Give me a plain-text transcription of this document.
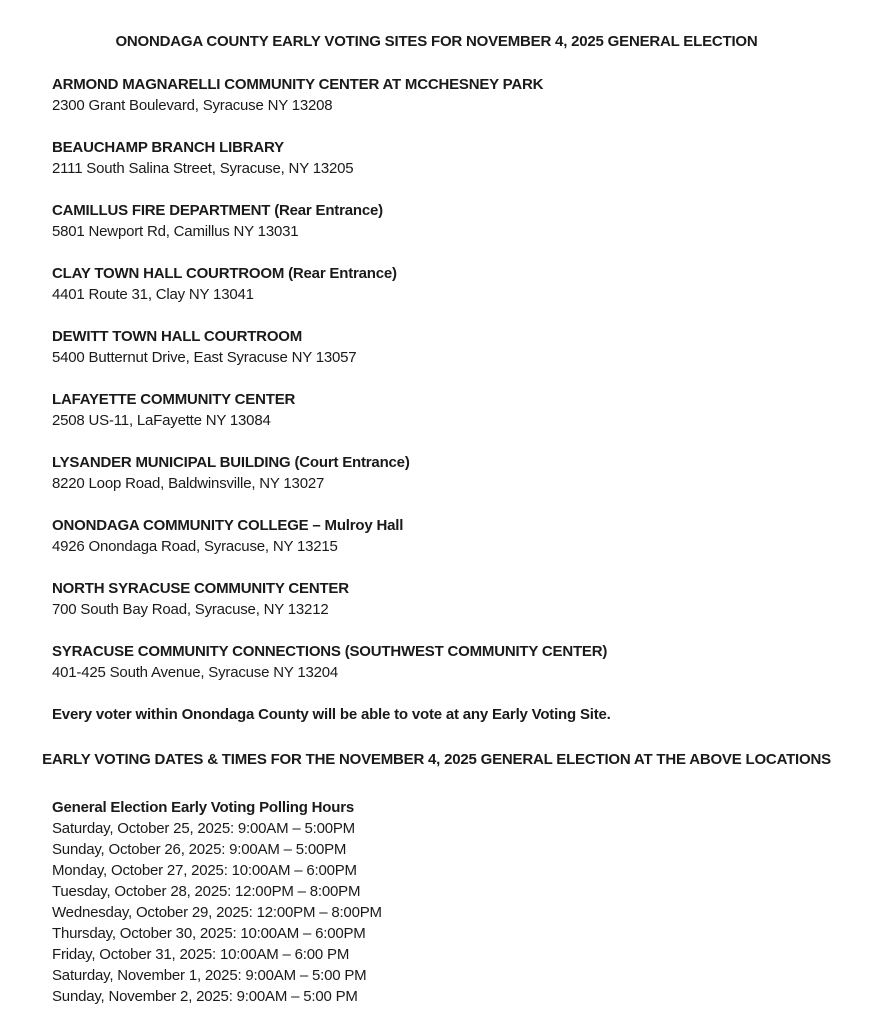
ONONDAGA COUNTY EARLY VOTING SITES FOR NOVEMBER 4, 2025 GENERAL ELECTION
ARMOND MAGNARELLI COMMUNITY CENTER AT MCCHESNEY PARK
2300 Grant Boulevard, Syracuse NY 13208
BEAUCHAMP BRANCH LIBRARY
2111 South Salina Street, Syracuse, NY 13205
CAMILLUS FIRE DEPARTMENT (Rear Entrance)
5801 Newport Rd, Camillus NY 13031
CLAY TOWN HALL COURTROOM (Rear Entrance)
4401 Route 31, Clay NY 13041
DEWITT TOWN HALL COURTROOM
5400 Butternut Drive, East Syracuse NY 13057
LAFAYETTE COMMUNITY CENTER
2508 US-11, LaFayette NY 13084
LYSANDER MUNICIPAL BUILDING (Court Entrance)
8220 Loop Road, Baldwinsville, NY 13027
ONONDAGA COMMUNITY COLLEGE – Mulroy Hall
4926 Onondaga Road, Syracuse, NY 13215
NORTH SYRACUSE COMMUNITY CENTER
700 South Bay Road, Syracuse, NY 13212
SYRACUSE COMMUNITY CONNECTIONS (SOUTHWEST COMMUNITY CENTER)
401-425 South Avenue, Syracuse NY 13204
Every voter within Onondaga County will be able to vote at any Early Voting Site.
EARLY VOTING DATES & TIMES FOR THE NOVEMBER 4, 2025 GENERAL ELECTION AT THE ABOVE LOCATIONS
General Election Early Voting Polling Hours
Saturday, October 25, 2025: 9:00AM – 5:00PM
Sunday, October 26, 2025: 9:00AM – 5:00PM
Monday, October 27, 2025: 10:00AM – 6:00PM
Tuesday, October 28, 2025: 12:00PM – 8:00PM
Wednesday, October 29, 2025: 12:00PM – 8:00PM
Thursday, October 30, 2025: 10:00AM – 6:00PM
Friday, October 31, 2025: 10:00AM – 6:00 PM
Saturday, November 1, 2025: 9:00AM – 5:00 PM
Sunday, November 2, 2025: 9:00AM – 5:00 PM
